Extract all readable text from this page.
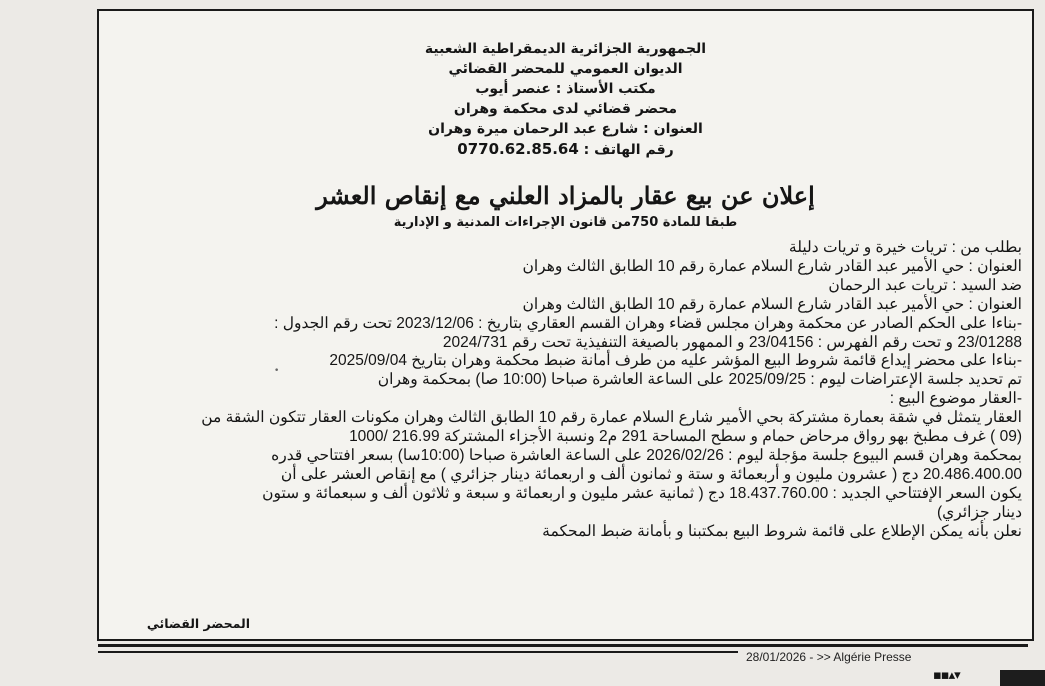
الجمهورية الجزائرية الديمقراطية الشعبية
الديوان العمومي للمحضر القضائي
مكتب الأستاذ : عنصر أيوب
محضر قضائي لدى محكمة وهران
العنوان : شارع عبد الرحمان ميرة وهران
رقم الهاتف : 0770.62.85.64
إعلان عن بيع عقار بالمزاد العلني مع إنقاص العشر
طبقا للمادة 750من قانون الإجراءات المدنية و الإدارية
بطلب من : تريات خيرة و تريات دليلة
العنوان : حي الأمير عبد القادر شارع السلام عمارة رقم 10 الطابق الثالث وهران
ضد السيد : تريات عبد الرحمان
العنوان : حي الأمير عبد القادر شارع السلام عمارة رقم 10 الطابق الثالث وهران
-بناءا على الحكم الصادر عن محكمة وهران مجلس قضاء وهران القسم العقاري بتاريخ : 2023/12/06 تحت رقم الجدول :
23/01288 و تحت رقم الفهرس : 23/04156 و الممهور بالصيغة التنفيذية تحت رقم 2024/731
-بناءا على محضر إيداع قائمة شروط البيع المؤشر عليه من طرف أمانة ضبط محكمة وهران بتاريخ 2025/09/04
تم تحديد جلسة الإعتراضات ليوم : 2025/09/25 على الساعة العاشرة صباحا (10:00 صا) بمحكمة وهران
-العقار موضوع البيع :
العقار يتمثل في شقة بعمارة مشتركة بحي الأمير شارع السلام عمارة رقم 10 الطابق الثالث وهران مكونات العقار تتكون الشقة من
(09 ) غرف مطبخ بهو رواق مرحاض حمام و سطح المساحة 291 م2 ونسبة الأجزاء المشتركة 216.99 /1000
بمحكمة وهران قسم البيوع جلسة مؤجلة ليوم : 2026/02/26 على الساعة العاشرة صباحا (10:00سا) بسعر افتتاحي قدره
20.486.400.00 دج ( عشرون مليون و أربعمائة و ستة و ثمانون ألف و اربعمائة دينار جزائري ) مع إنقاص العشر على أن
يكون السعر الإفتتاحي الجديد : 18.437.760.00 دج ( ثمانية عشر مليون و اربعمائة و سبعة و ثلاثون ألف و سبعمائة و ستون
دينار جزائري)
نعلن بأنه يمكن الإطلاع على قائمة شروط البيع بمكتبنا و بأمانة ضبط المحكمة
•
المحضر القضائي
28/01/2026 - >> Algérie Presse
▪▪▴▾
